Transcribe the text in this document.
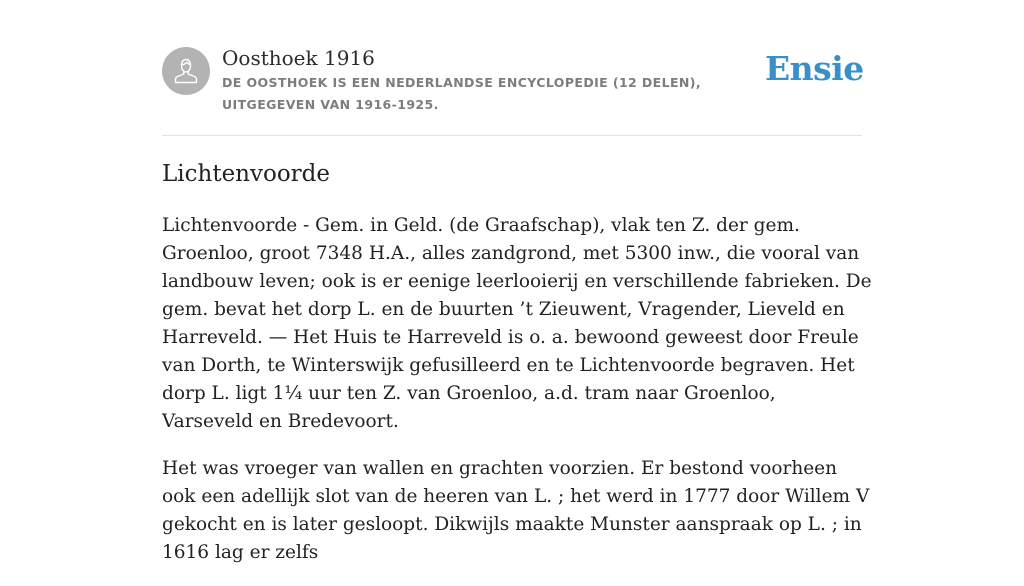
Oosthoek 1916
DE OOSTHOEK IS EEN NEDERLANDSE ENCYCLOPEDIE (12 DELEN), UITGEGEVEN VAN 1916-1925.
Ensie
Lichtenvoorde

Lichtenvoorde - Gem. in Geld. (de Graafschap), vlak ten Z. der gem. Groenloo, groot 7348 H.A., alles zandgrond, met 5300 inw., die vooral van landbouw leven; ook is er eenige leerlooierij en verschillende fabrieken. De gem. bevat het dorp L. en de buurten ’t Zieuwent, Vragender, Lieveld en Harreveld. — Het Huis te Harreveld is o. a. bewoond geweest door Freule van Dorth, te Winterswijk gefusilleerd en te Lichtenvoorde begraven. Het dorp L. ligt 1¼ uur ten Z. van Groenloo, a.d. tram naar Groenloo, Varseveld en Bredevoort.

Het was vroeger van wallen en grachten voorzien. Er bestond voorheen ook een adellijk slot van de heeren van L. ; het werd in 1777 door Willem V gekocht en is later gesloopt. Dikwijls maakte Munster aanspraak op L. ; in 1616 lag er zelfs
